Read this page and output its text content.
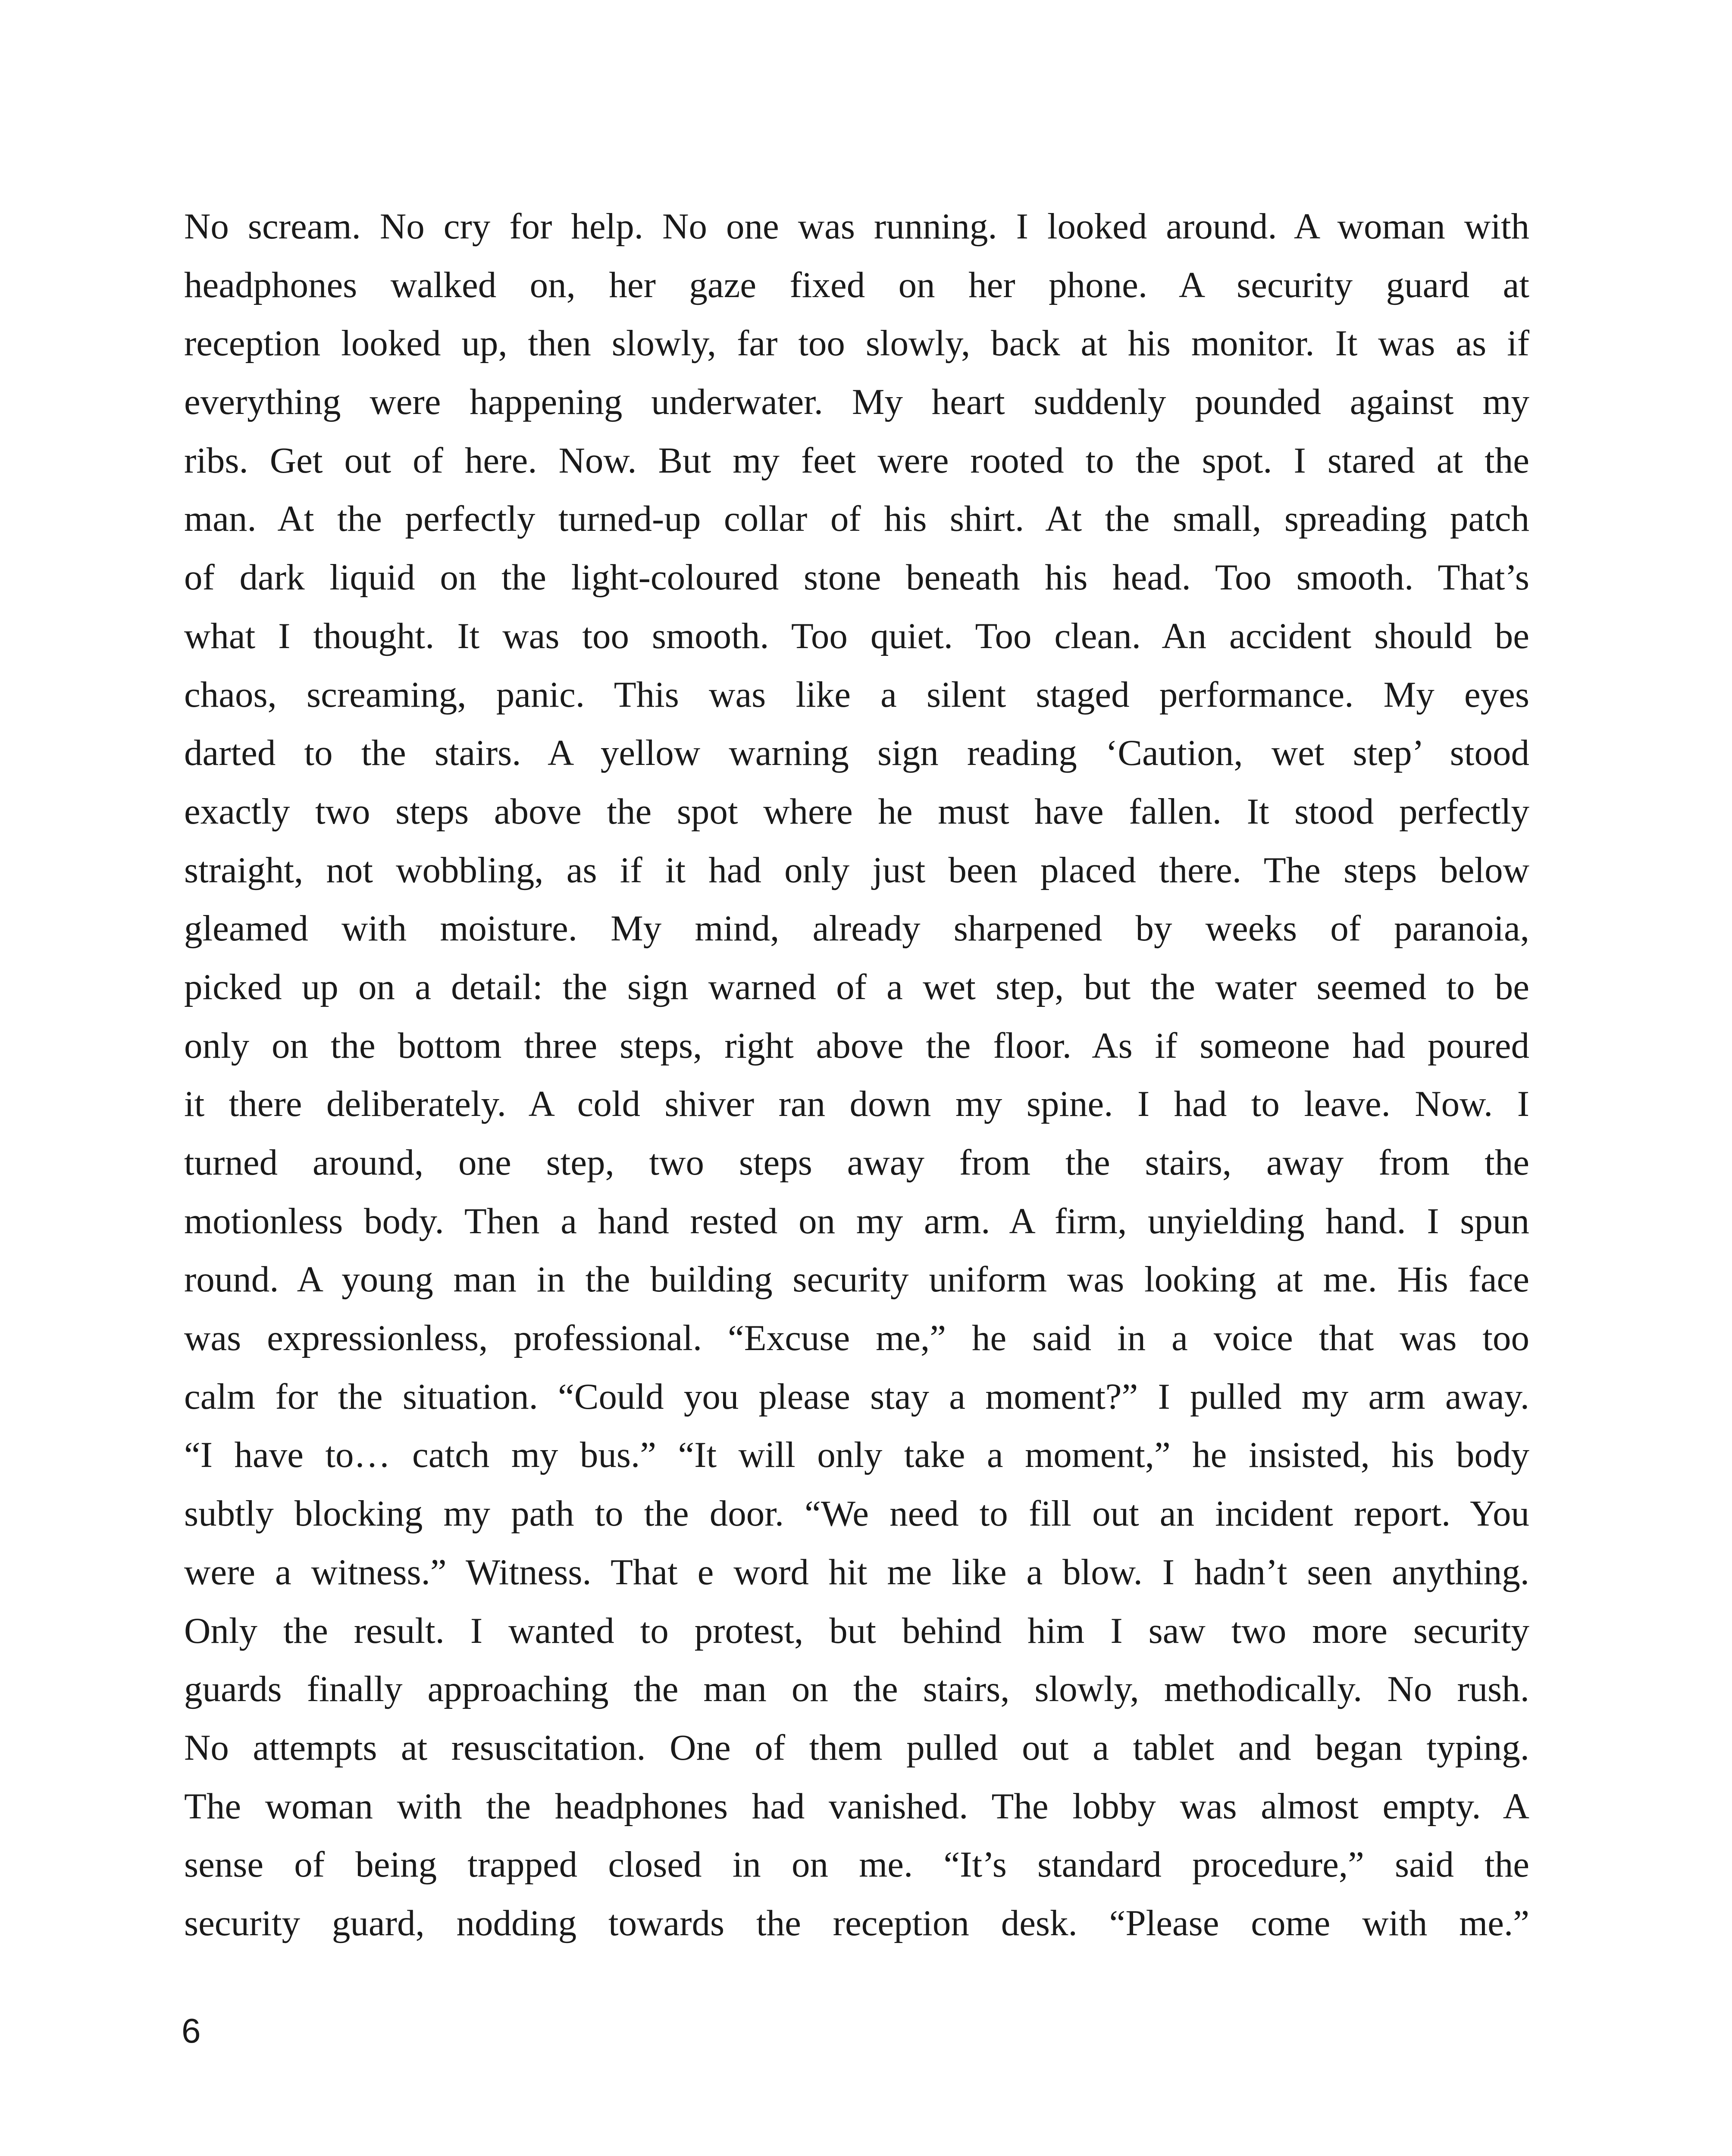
No scream. No cry for help. No one was running. I looked around. A woman with
headphones walked on, her gaze fixed on her phone. A security guard at
reception looked up, then slowly, far too slowly, back at his monitor. It was as if
everything were happening underwater. My heart suddenly pounded against my
ribs. Get out of here. Now. But my feet were rooted to the spot. I stared at the
man. At the perfectly turned-up collar of his shirt. At the small, spreading patch
of dark liquid on the light-coloured stone beneath his head. Too smooth. That’s
what I thought. It was too smooth. Too quiet. Too clean. An accident should be
chaos, screaming, panic. This was like a silent staged performance. My eyes
darted to the stairs. A yellow warning sign reading ‘Caution, wet step’ stood
exactly two steps above the spot where he must have fallen. It stood perfectly
straight, not wobbling, as if it had only just been placed there. The steps below
gleamed with moisture. My mind, already sharpened by weeks of paranoia,
picked up on a detail: the sign warned of a wet step, but the water seemed to be
only on the bottom three steps, right above the floor. As if someone had poured
it there deliberately. A cold shiver ran down my spine. I had to leave. Now. I
turned around, one step, two steps away from the stairs, away from the
motionless body. Then a hand rested on my arm. A firm, unyielding hand. I spun
round. A young man in the building security uniform was looking at me. His face
was expressionless, professional. “Excuse me,” he said in a voice that was too
calm for the situation. “Could you please stay a moment?” I pulled my arm away.
“I have to… catch my bus.” “It will only take a moment,” he insisted, his body
subtly blocking my path to the door. “We need to fill out an incident report. You
were a witness.” Witness. That e word hit me like a blow. I hadn’t seen anything.
Only the result. I wanted to protest, but behind him I saw two more security
guards finally approaching the man on the stairs, slowly, methodically. No rush.
No attempts at resuscitation. One of them pulled out a tablet and began typing.
The woman with the headphones had vanished. The lobby was almost empty. A
sense of being trapped closed in on me. “It’s standard procedure,” said the
security guard, nodding towards the reception desk. “Please come with me.”
6
